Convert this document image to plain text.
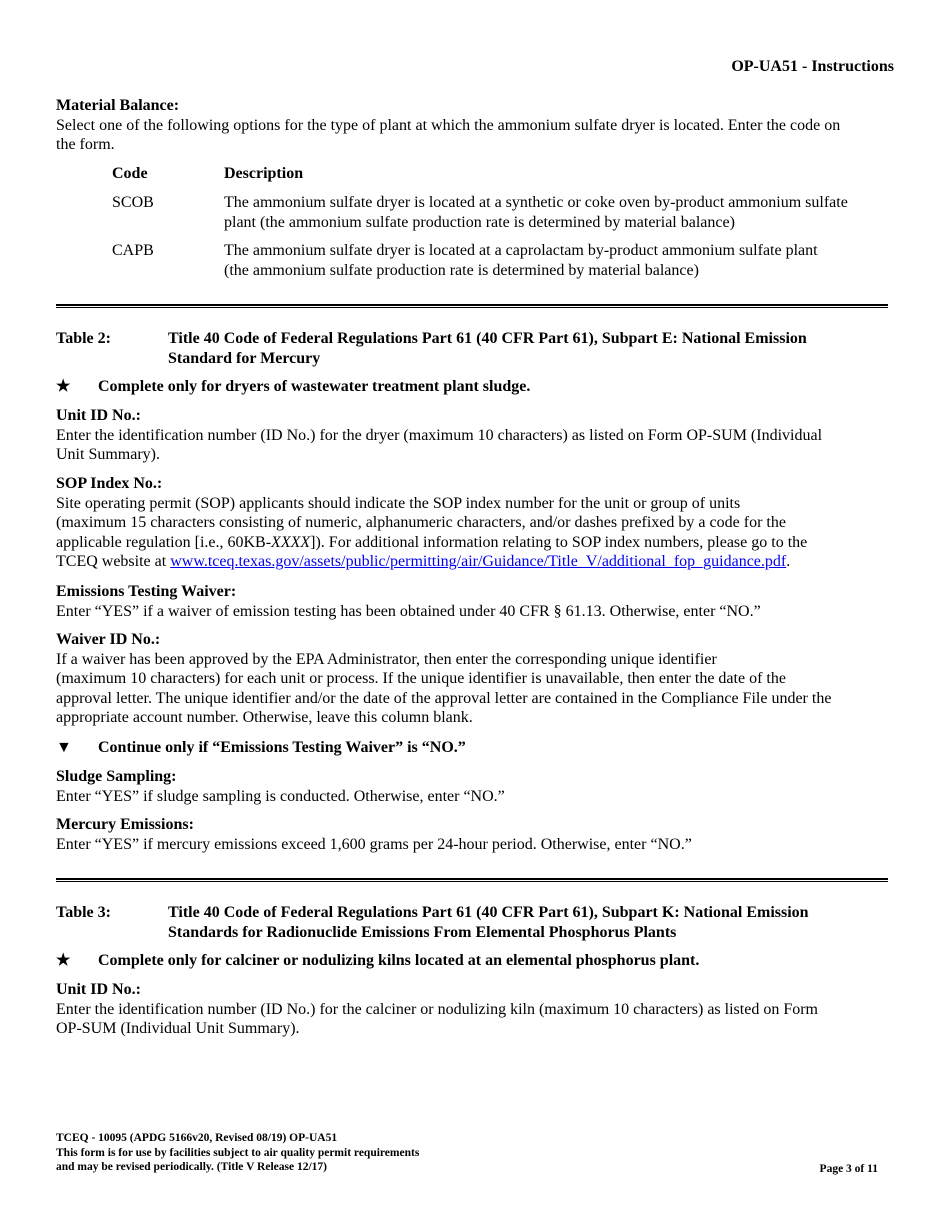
OP-UA51 - Instructions
Material Balance:
Select one of the following options for the type of plant at which the ammonium sulfate dryer is located. Enter the code on
the form.
Code	Description
SCOB	The ammonium sulfate dryer is located at a synthetic or coke oven by-product ammonium sulfate
plant (the ammonium sulfate production rate is determined by material balance)
CAPB	The ammonium sulfate dryer is located at a caprolactam by-product ammonium sulfate plant
(the ammonium sulfate production rate is determined by material balance)
Table 2:	Title 40 Code of Federal Regulations Part 61 (40 CFR Part 61), Subpart E: National Emission
Standard for Mercury
★	Complete only for dryers of wastewater treatment plant sludge.
Unit ID No.:
Enter the identification number (ID No.) for the dryer (maximum 10 characters) as listed on Form OP-SUM (Individual
Unit Summary).
SOP Index No.:
Site operating permit (SOP) applicants should indicate the SOP index number for the unit or group of units
(maximum 15 characters consisting of numeric, alphanumeric characters, and/or dashes prefixed by a code for the
applicable regulation [i.e., 60KB-XXXX]). For additional information relating to SOP index numbers, please go to the
TCEQ website at www.tceq.texas.gov/assets/public/permitting/air/Guidance/Title_V/additional_fop_guidance.pdf.
Emissions Testing Waiver:
Enter “YES” if a waiver of emission testing has been obtained under 40 CFR § 61.13. Otherwise, enter “NO.”
Waiver ID No.:
If a waiver has been approved by the EPA Administrator, then enter the corresponding unique identifier
(maximum 10 characters) for each unit or process. If the unique identifier is unavailable, then enter the date of the
approval letter. The unique identifier and/or the date of the approval letter are contained in the Compliance File under the
appropriate account number. Otherwise, leave this column blank.
▼	Continue only if “Emissions Testing Waiver” is “NO.”
Sludge Sampling:
Enter “YES” if sludge sampling is conducted. Otherwise, enter “NO.”
Mercury Emissions:
Enter “YES” if mercury emissions exceed 1,600 grams per 24-hour period. Otherwise, enter “NO.”
Table 3:	Title 40 Code of Federal Regulations Part 61 (40 CFR Part 61), Subpart K: National Emission
Standards for Radionuclide Emissions From Elemental Phosphorus Plants
★	Complete only for calciner or nodulizing kilns located at an elemental phosphorus plant.
Unit ID No.:
Enter the identification number (ID No.) for the calciner or nodulizing kiln (maximum 10 characters) as listed on Form
OP-SUM (Individual Unit Summary).
TCEQ - 10095 (APDG 5166v20, Revised 08/19) OP-UA51
This form is for use by facilities subject to air quality permit requirements
and may be revised periodically. (Title V Release 12/17)	Page 3 of 11
